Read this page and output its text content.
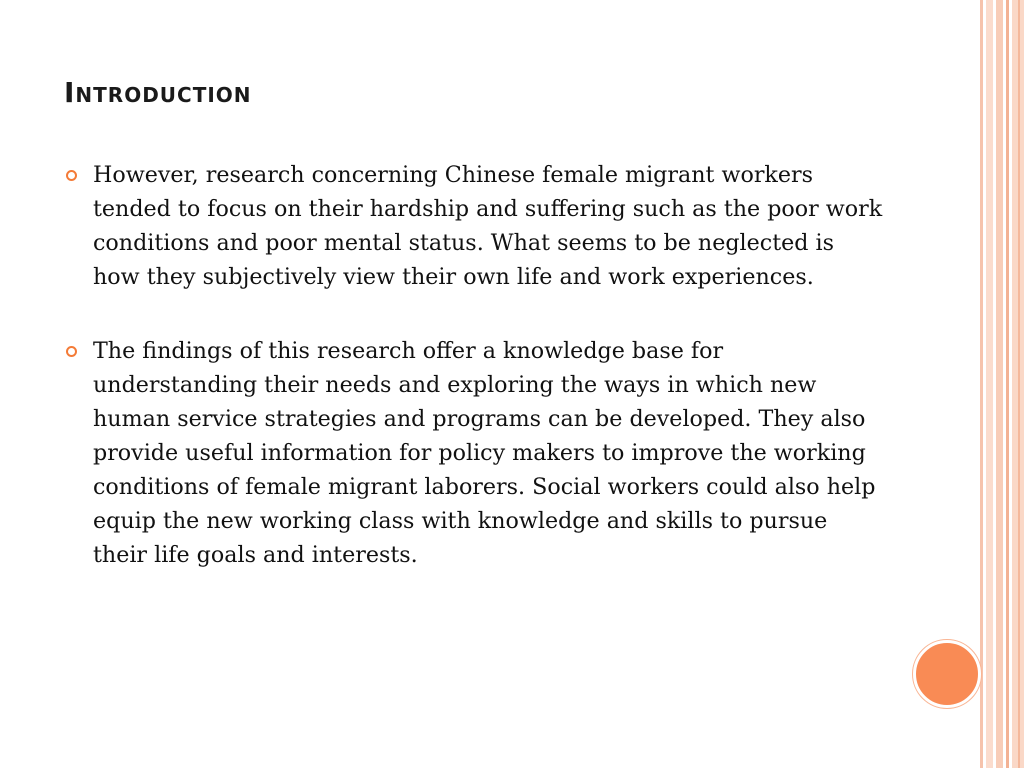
Introduction
However, research concerning Chinese female migrant workers tended to focus on their hardship and suffering such as the poor work conditions and poor mental status. What seems to be neglected is how they subjectively view their own life and work experiences.
The findings of this research offer a knowledge base for understanding their needs and exploring the ways in which new human service strategies and programs can be developed. They also provide useful information for policy makers to improve the working conditions of female migrant laborers. Social workers could also help equip the new working class with knowledge and skills to pursue their life goals and interests.
